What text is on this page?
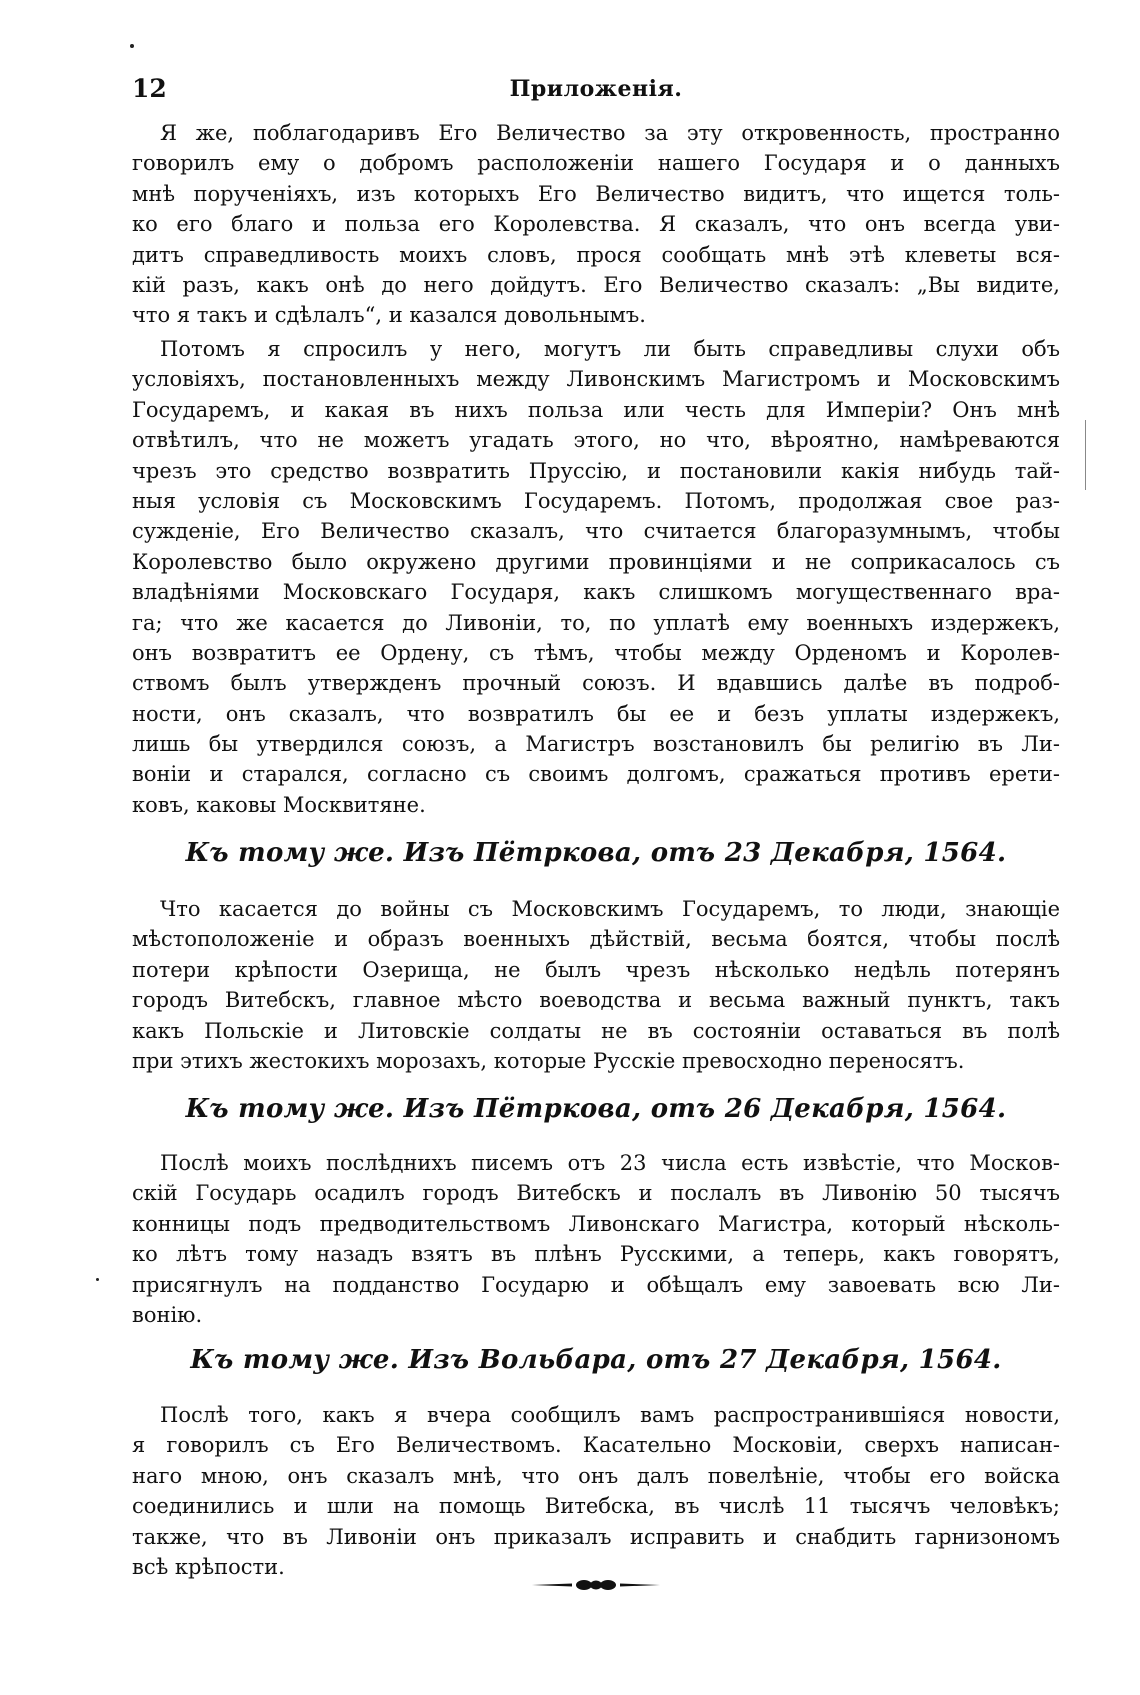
12	Приложенія.
Я же, поблагодаривъ Его Величество за эту откровенность, пространно
говорилъ ему о добромъ расположеніи нашего Государя и о данныхъ
мнѣ порученіяхъ, изъ которыхъ Его Величество видитъ, что ищется толь-
ко его благо и польза его Королевства. Я сказалъ, что онъ всегда уви-
дитъ справедливость моихъ словъ, прося сообщать мнѣ этѣ клеветы вся-
кій разъ, какъ онѣ до него дойдутъ. Его Величество сказалъ: „Вы видите,
что я такъ и сдѣлалъ“, и казался довольнымъ.
Потомъ я спросилъ у него, могутъ ли быть справедливы слухи объ
условіяхъ, постановленныхъ между Ливонскимъ Магистромъ и Московскимъ
Государемъ, и какая въ нихъ польза или честь для Имперіи? Онъ мнѣ
отвѣтилъ, что не можетъ угадать этого, но что, вѣроятно, намѣреваются
чрезъ это средство возвратить Пруссію, и постановили какія нибудь тай-
ныя условія съ Московскимъ Государемъ. Потомъ, продолжая свое раз-
сужденіе, Его Величество сказалъ, что считается благоразумнымъ, чтобы
Королевство было окружено другими провинціями и не соприкасалось съ
владѣніями Московскаго Государя, какъ слишкомъ могущественнаго вра-
га; что же касается до Ливоніи, то, по уплатѣ ему военныхъ издержекъ,
онъ возвратитъ ее Ордену, съ тѣмъ, чтобы между Орденомъ и Королев-
ствомъ былъ утвержденъ прочный союзъ. И вдавшись далѣе въ подроб-
ности, онъ сказалъ, что возвратилъ бы ее и безъ уплаты издержекъ,
лишь бы утвердился союзъ, а Магистръ возстановилъ бы религію въ Ли-
воніи и старался, согласно съ своимъ долгомъ, сражаться противъ ерети-
ковъ, каковы Москвитяне.
Къ тому же. Изъ Пётркова, отъ 23 Декабря, 1564.
Что касается до войны съ Московскимъ Государемъ, то люди, знающіе
мѣстоположеніе и образъ военныхъ дѣйствій, весьма боятся, чтобы послѣ
потери крѣпости Озерища, не былъ чрезъ нѣсколько недѣль потерянъ
городъ Витебскъ, главное мѣсто воеводства и весьма важный пунктъ, такъ
какъ Польскіе и Литовскіе солдаты не въ состояніи оставаться въ полѣ
при этихъ жестокихъ морозахъ, которые Русскіе превосходно переносятъ.
Къ тому же. Изъ Пётркова, отъ 26 Декабря, 1564.
Послѣ моихъ послѣднихъ писемъ отъ 23 числа есть извѣстіе, что Москов-
скій Государь осадилъ городъ Витебскъ и послалъ въ Ливонію 50 тысячъ
конницы подъ предводительствомъ Ливонскаго Магистра, который нѣсколь-
ко лѣтъ тому назадъ взятъ въ плѣнъ Русскими, а теперь, какъ говорятъ,
присягнулъ на подданство Государю и обѣщалъ ему завоевать всю Ли-
вонію.
Къ тому же. Изъ Вольбара, отъ 27 Декабря, 1564.
Послѣ того, какъ я вчера сообщилъ вамъ распространившіяся новости,
я говорилъ съ Его Величествомъ. Касательно Московіи, сверхъ написан-
наго мною, онъ сказалъ мнѣ, что онъ далъ повелѣніе, чтобы его войска
соединились и шли на помощь Витебска, въ числѣ 11 тысячъ человѣкъ;
также, что въ Ливоніи онъ приказалъ исправить и снабдить гарнизономъ
всѣ крѣпости.
